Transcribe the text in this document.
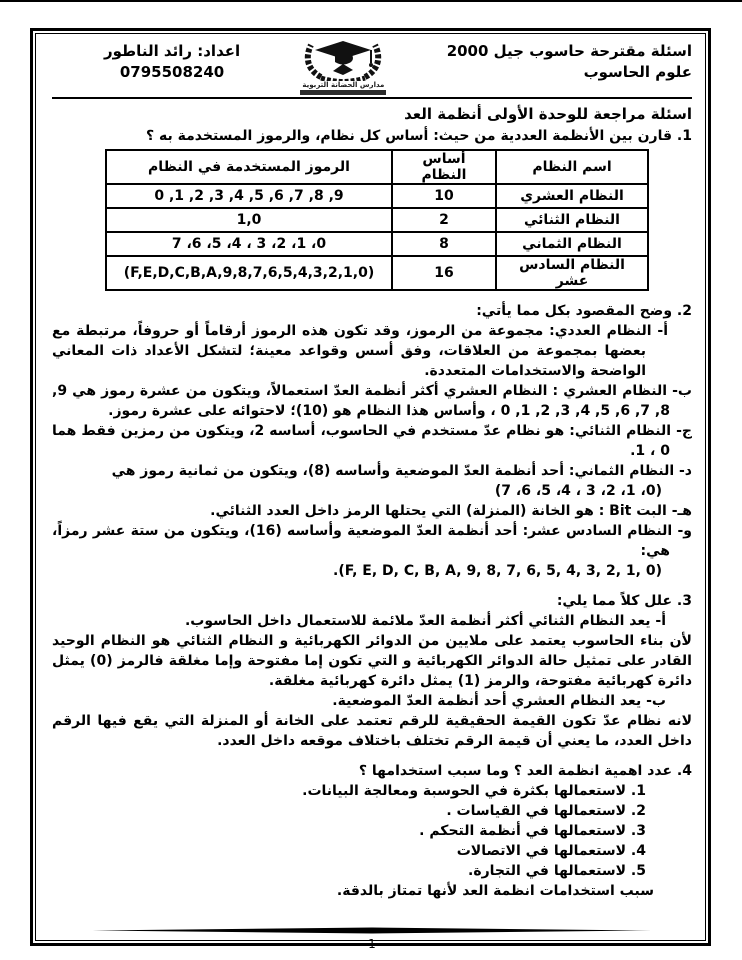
اسئلة مقترحة حاسوب جيل 2000
علوم الحاسوب
مدارس الحضانة التربوية
اعداد: رائد الناطور
0795508240
اسئلة مراجعة للوحدة الأولى أنظمة العد

1. قارن بين الأنظمة العددية من حيث: أساس كل نظام، والرموز المستخدمة به ؟

اسم النظام	أساس النظام	الرموز المستخدمة في النظام
النظام العشري	10	9, 8, 7, 6, 5, 4, 3, 2, 1, 0
النظام الثنائي	2	1,0
النظام الثماني	8	0، 1، 2، 3 ، 4، 5، 6، 7
النظام السادس عشر	16	(F,E,D,C,B,A,9,8,7,6,5,4,3,2,1,0)

2. وضح المقصود بكل مما يأتي:

أ- النظام العددي: مجموعة من الرموز، وقد تكون هذه الرموز أرقاماً أو حروفاً، مرتبطة مع بعضها بمجموعة من العلاقات، وفق أسس وقواعد معينة؛ لتشكل الأعداد ذات المعاني الواضحة والاستخدامات المتعددة.

ب- النظام العشري : النظام العشري أكثر أنظمة العدّ استعمالاً، ويتكون من عشرة رموز هي 9, 8, 7, 6, 5, 4, 3, 2, 1, 0 ، وأساس هذا النظام هو (10)؛ لاحتوائه على عشرة رموز.

ج- النظام الثنائي: هو نظام عدّ مستخدم في الحاسوب، أساسه 2، ويتكون من رمزين فقط هما 0 ، 1.

د- النظام الثماني: أحد أنظمة العدّ الموضعية وأساسه (8)، ويتكون من ثمانية رموز هي

(0، 1، 2، 3 ، 4، 5، 6، 7)

هـ- البت Bit : هو الخانة (المنزلة) التي يحتلها الرمز داخل العدد الثنائي.

و- النظام السادس عشر: أحد أنظمة العدّ الموضعية وأساسه (16)، ويتكون من ستة عشر رمزاً، هي:

(F, E, D, C, B, A, 9, 8, 7, 6, 5, 4, 3, 2, 1, 0).

3. علل كلاً مما يلي:

أ- يعد النظام الثنائي أكثر أنظمة العدّ ملائمة للاستعمال داخل الحاسوب.

لأن بناء الحاسوب يعتمد على ملايين من الدوائر الكهربائية و النظام الثنائي هو النظام الوحيد القادر على تمثيل حالة الدوائر الكهربائية و التي تكون إما مفتوحة وإما مغلقة فالرمز (0) يمثل دائرة كهربائية مفتوحة، والرمز (1) يمثل دائرة كهربائية مغلقة.

ب- يعد النظام العشري أحد أنظمة العدّ الموضعية.

لانه نظام عدّ تكون القيمة الحقيقية للرقم تعتمد على الخانة أو المنزلة التي يقع فيها الرقم داخل العدد، ما يعني أن قيمة الرقم تختلف باختلاف موقعه داخل العدد.

4. عدد اهمية انظمة العد ؟ وما سبب استخدامها ؟

1. لاستعمالها بكثرة في الحوسبة ومعالجة البيانات.

2. لاستعمالها في القياسات .

3. لاستعمالها في أنظمة التحكم .

4. لاستعمالها في الاتصالات

5. لاستعمالها في التجارة.

سبب استخدامات انظمة العد لأنها تمتاز بالدقة.

1
